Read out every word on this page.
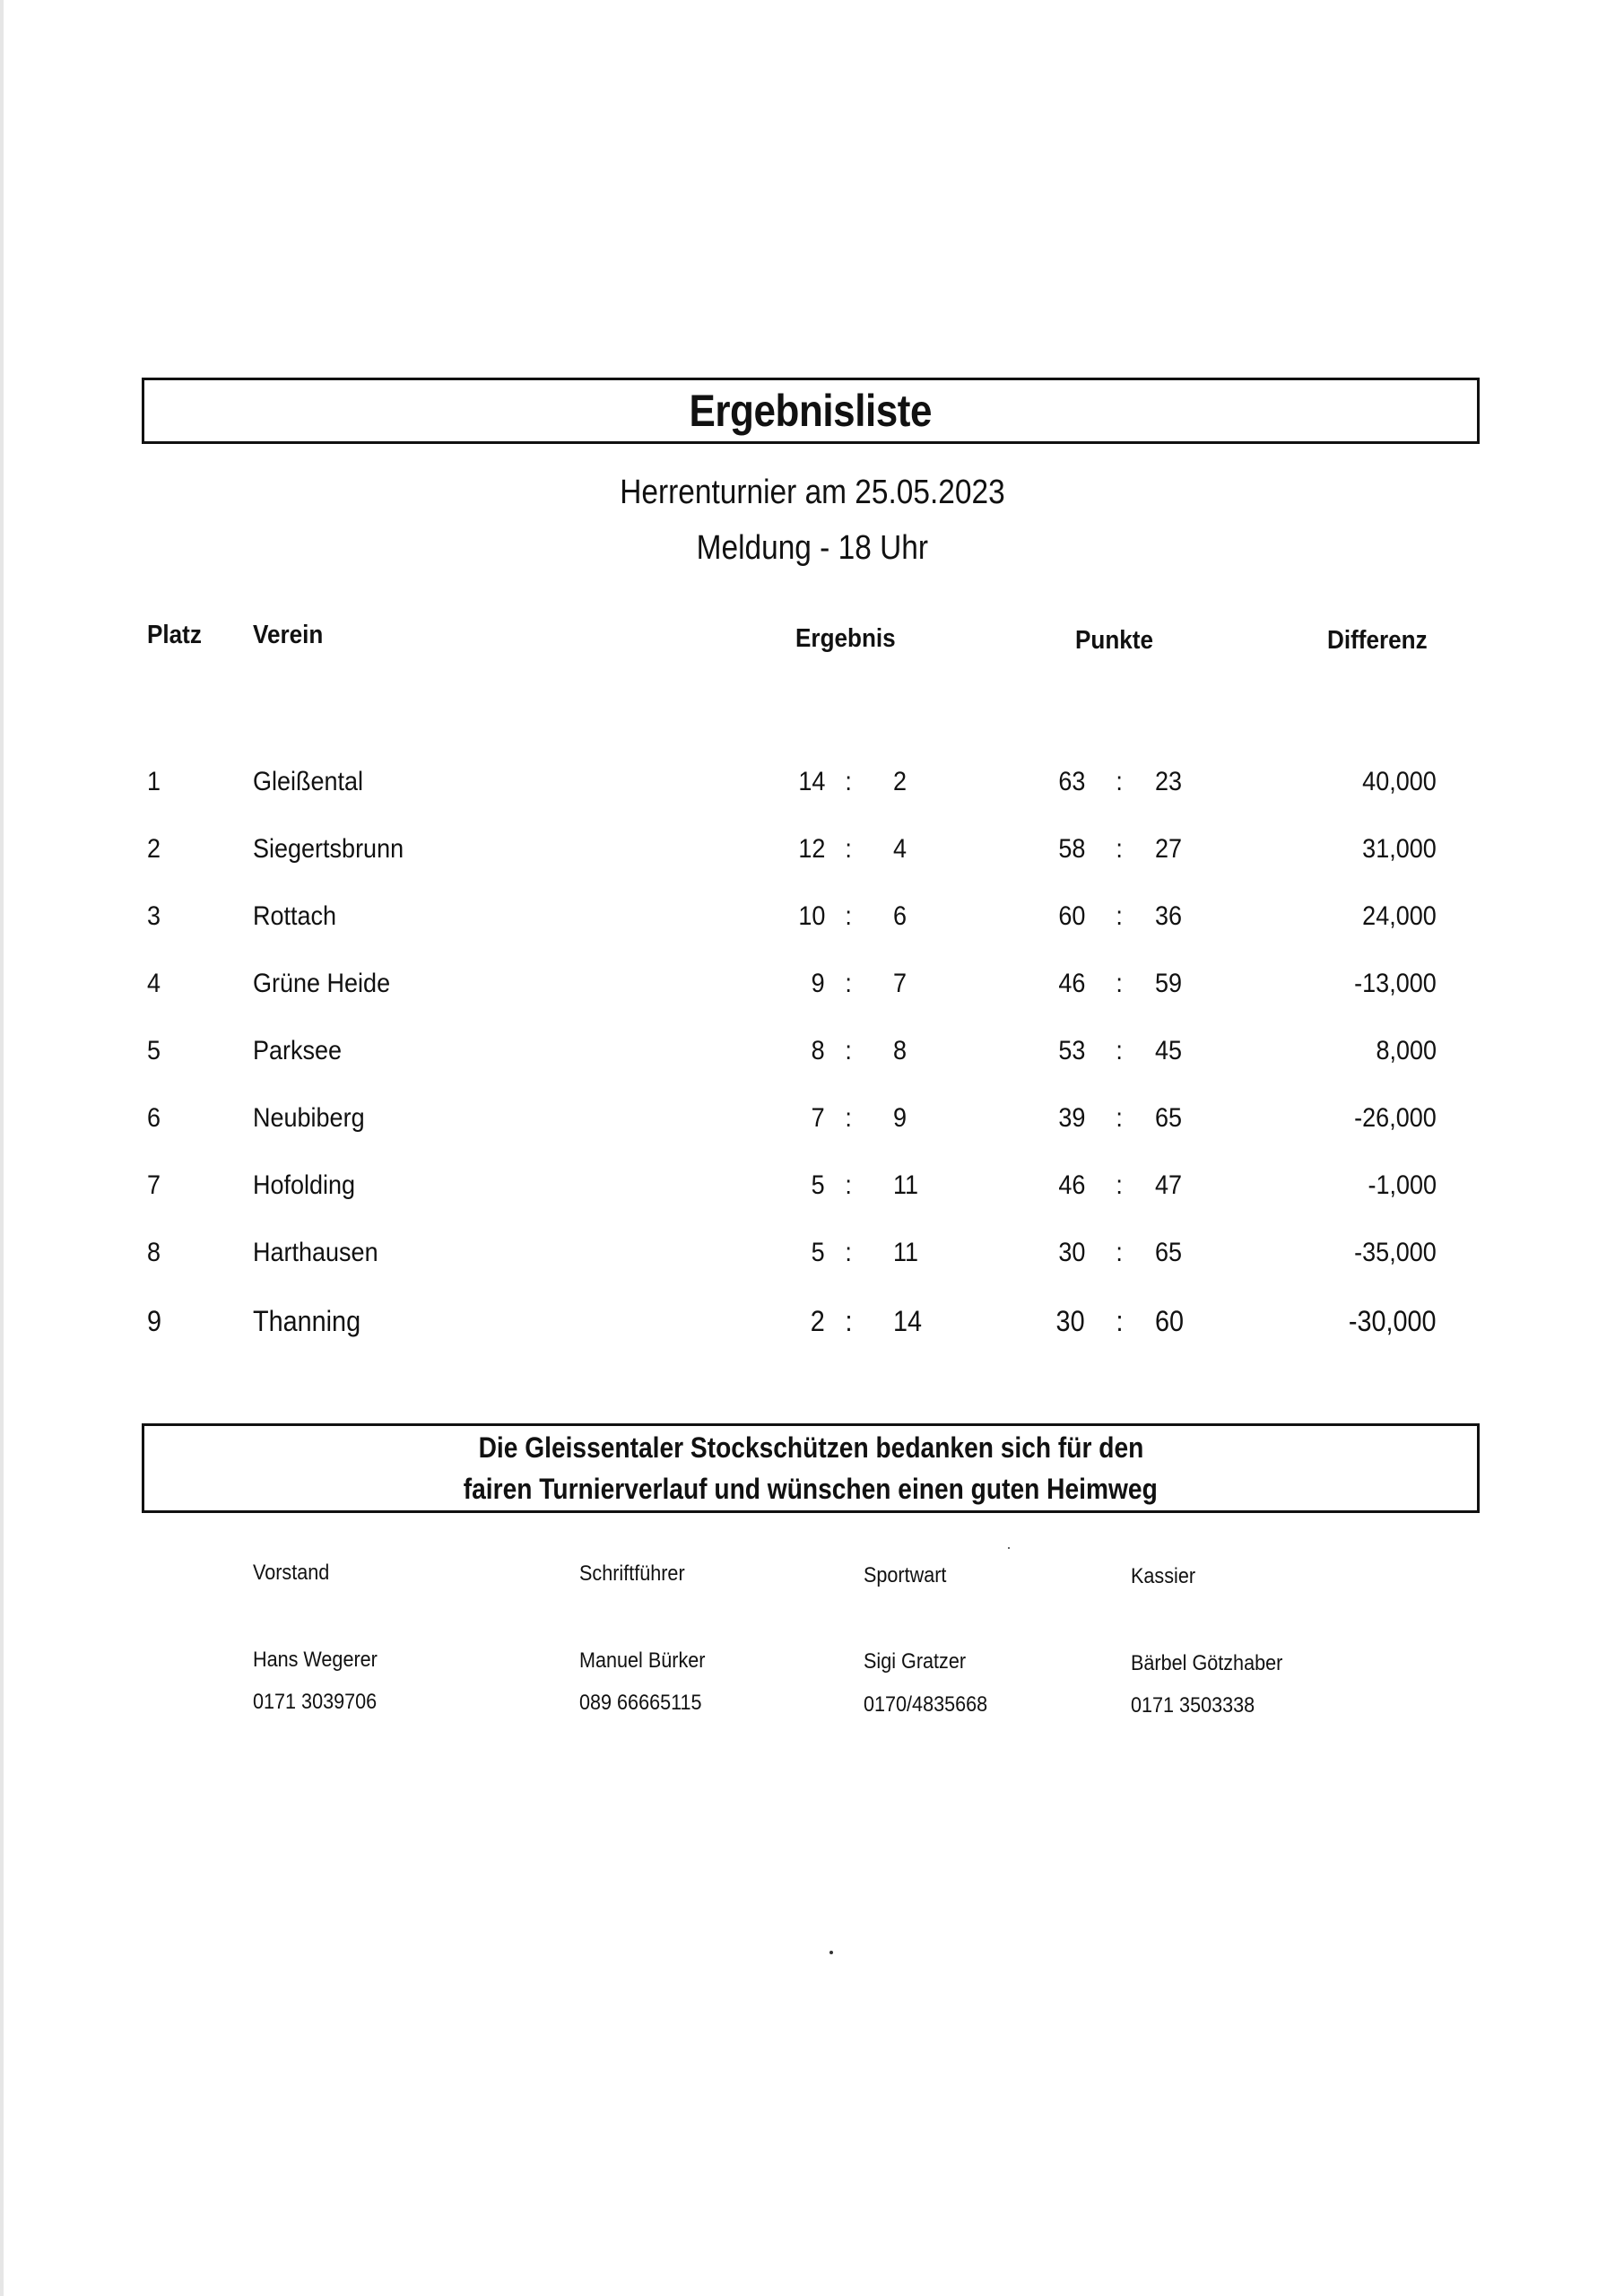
Ergebnisliste
Herrenturnier am 25.05.2023
Meldung - 18 Uhr
Platz Verein	Ergebnis	Punkte	Differenz
1	Gleißental	14 : 2	63 : 23	40,000
2	Siegertsbrunn	12 : 4	58 : 27	31,000
3	Rottach	10 : 6	60 : 36	24,000
4	Grüne Heide	9 : 7	46 : 59	-13,000
5	Parksee	8 : 8	53 : 45	8,000
6	Neubiberg	7 : 9	39 : 65	-26,000
7	Hofolding	5 : 11	46 : 47	-1,000
8	Harthausen	5 : 11	30 : 65	-35,000
9	Thanning	2 : 14	30 : 60	-30,000
Die Gleissentaler Stockschützen bedanken sich für den
fairen Turnierverlauf und wünschen einen guten Heimweg
Vorstand
Hans Wegerer
0171 3039706
Schriftführer
Manuel Bürker
089 66665115
Sportwart
Sigi Gratzer
0170/4835668
Kassier
Bärbel Götzhaber
0171 3503338
